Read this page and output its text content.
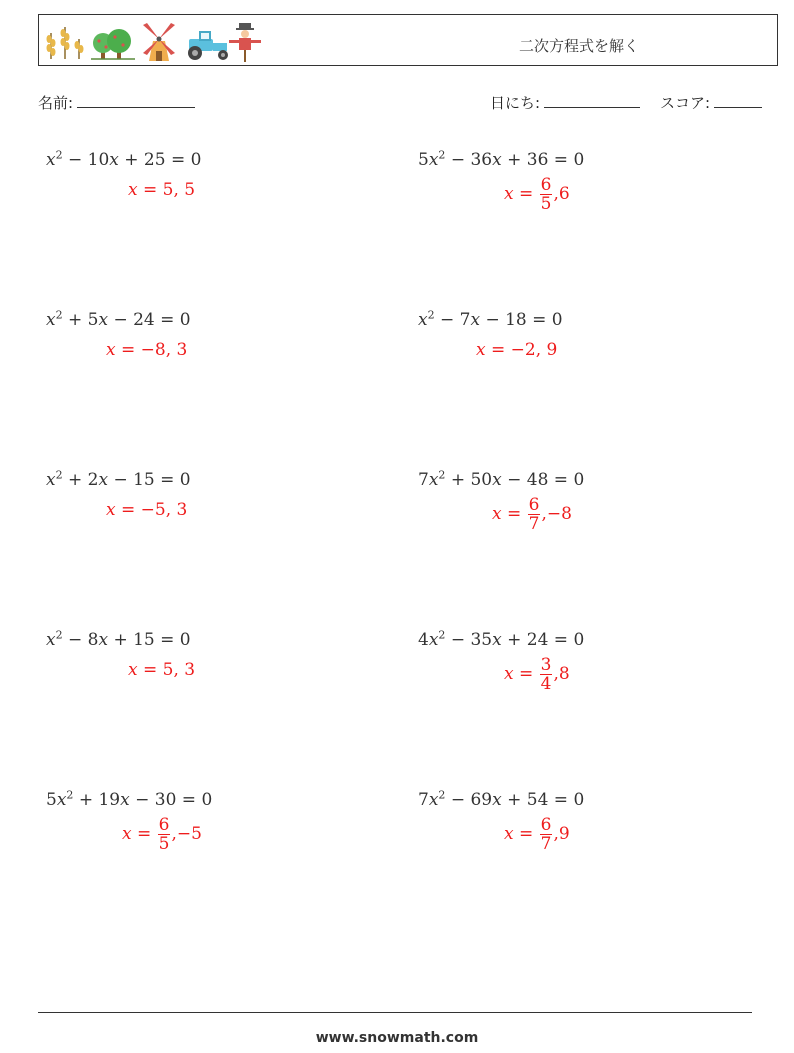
二次方程式を解く
名前:	日にち:	スコア:
$x^2 - 10x + 25 = 0$
x = 5, 5
$5x^2 - 36x + 36 = 0$
$x = \frac{6}{5} ,6$
$x^2 + 5x - 24 = 0$
x = −8, 3
$x^2 - 7x - 18 = 0$
x = −2, 9
$x^2 + 2x - 15 = 0$
x = −5, 3
$7x^2 + 50x - 48 = 0$
$x = \frac{6}{7} ,-8$
$x^2 - 8x + 15 = 0$
x = 5, 3
$4x^2 - 35x + 24 = 0$
$x = \frac{3}{4} ,8$
$5x^2 + 19x - 30 = 0$
$x = \frac{6}{5} ,-5$
$7x^2 - 69x + 54 = 0$
$x = \frac{6}{7} ,9$
www.snowmath.com
